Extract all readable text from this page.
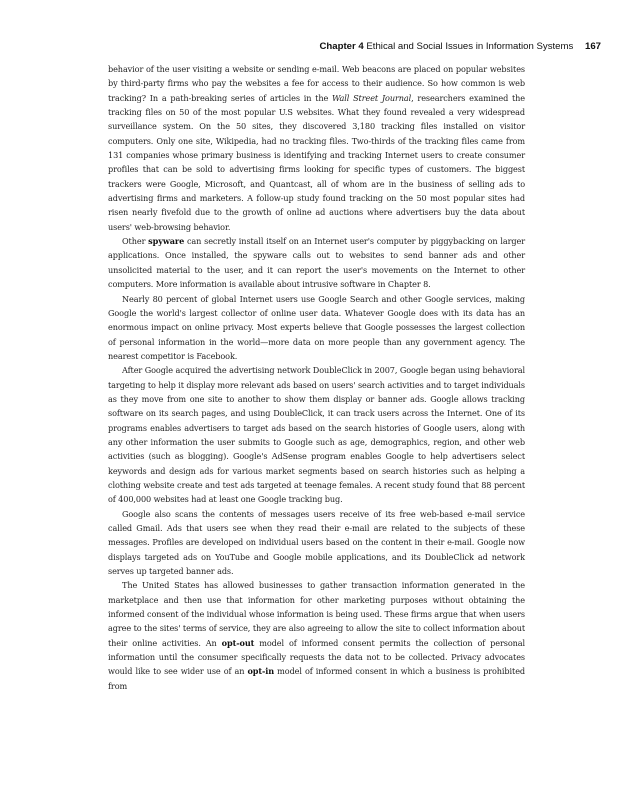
Chapter 4 Ethical and Social Issues in Information Systems 167

behavior of the user visiting a website or sending e-mail. Web beacons are placed on popular websites by third-party firms who pay the websites a fee for access to their audience. So how common is web tracking? In a path-breaking series of articles in the Wall Street Journal, researchers examined the tracking files on 50 of the most popular U.S websites. What they found revealed a very widespread surveillance system. On the 50 sites, they discovered 3,180 tracking files installed on visitor computers. Only one site, Wikipedia, had no tracking files. Two-thirds of the tracking files came from 131 companies whose primary business is identifying and tracking Internet users to create consumer profiles that can be sold to advertising firms looking for specific types of customers. The biggest trackers were Google, Microsoft, and Quantcast, all of whom are in the business of selling ads to advertising firms and marketers. A follow-up study found tracking on the 50 most popular sites had risen nearly fivefold due to the growth of online ad auctions where advertisers buy the data about users' web-browsing behavior.

Other spyware can secretly install itself on an Internet user's computer by piggybacking on larger applications. Once installed, the spyware calls out to websites to send banner ads and other unsolicited material to the user, and it can report the user's movements on the Internet to other computers. More information is available about intrusive software in Chapter 8.

Nearly 80 percent of global Internet users use Google Search and other Google services, making Google the world's largest collector of online user data. Whatever Google does with its data has an enormous impact on online privacy. Most experts believe that Google possesses the largest collection of personal information in the world—more data on more people than any government agency. The nearest competitor is Facebook.

After Google acquired the advertising network DoubleClick in 2007, Google began using behavioral targeting to help it display more relevant ads based on users' search activities and to target individuals as they move from one site to another to show them display or banner ads. Google allows tracking software on its search pages, and using DoubleClick, it can track users across the Internet. One of its programs enables advertisers to target ads based on the search histories of Google users, along with any other information the user submits to Google such as age, demographics, region, and other web activities (such as blogging). Google's AdSense program enables Google to help advertisers select keywords and design ads for various market segments based on search histories such as helping a clothing website create and test ads targeted at teenage females. A recent study found that 88 percent of 400,000 websites had at least one Google tracking bug.

Google also scans the contents of messages users receive of its free web-based e-mail service called Gmail. Ads that users see when they read their e-mail are related to the subjects of these messages. Profiles are developed on individual users based on the content in their e-mail. Google now displays targeted ads on YouTube and Google mobile applications, and its DoubleClick ad network serves up targeted banner ads.

The United States has allowed businesses to gather transaction information generated in the marketplace and then use that information for other marketing purposes without obtaining the informed consent of the individual whose information is being used. These firms argue that when users agree to the sites' terms of service, they are also agreeing to allow the site to collect information about their online activities. An opt-out model of informed consent permits the collection of personal information until the consumer specifically requests the data not to be collected. Privacy advocates would like to see wider use of an opt-in model of informed consent in which a business is prohibited from
